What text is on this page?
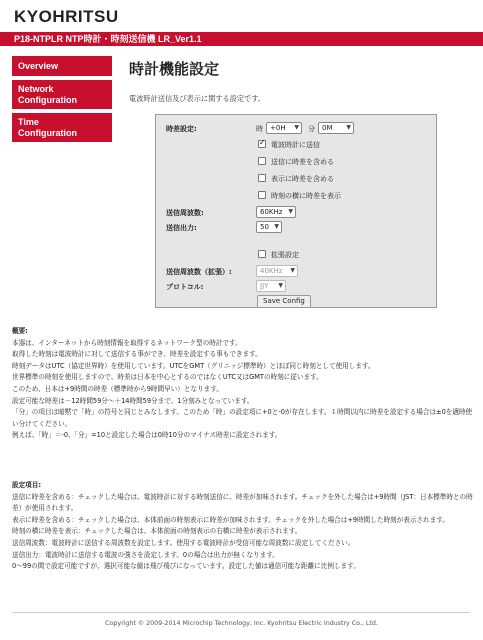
KYOHRITSU
P18-NTPLR NTP時計・時刻送信機 LR_Ver1.1
Overview
Network
Configuration
Time
Configuration
時計機能設定
電波時計送信及び表示に関する設定です。
時差設定:	時	+0H ▼ 分	0M ▼
✓ 電波時計に送信
送信に時差を含める
表示に時差を含める
時刻の横に時差を表示
送信周波数:	60KHz ▼
送信出力:	50 ▼
拡張設定
送信周波数（拡張）:	40KHz ▼
プロトコル:	JJY ▼
Save Config

概要:

本器は、インターネットから時刻情報を取得するネットワーク型の時計です。

取得した時刻は電波時計に対して送信する事ができ、時差を設定する事もできます。

時刻データはUTC（協定世界時）を使用しています。UTCをGMT（グリニッジ標準時）とほぼ同じ時刻として使用します。

世界標準の時刻を使用しますので、時差は日本を中心とするのではなくUTC又はGMTの時刻に従います。

このため、日本は+9時間の時差（標準時から9時間早い）となります。

設定可能な時差は－12時間59分～＋14時間59分まで、1分刻みとなっています。

「分」の項目は暗黙で「時」の符号と同じとみなします。このため「時」の設定項に+0と-0が存在します。１時間以内に時差を設定する場合は±0を適時使い分けてください。

例えば、「時」＝-0、「分」=10と設定した場合は0時10分のマイナス時差に設定されます。

設定項目:

送信に時差を含める：チェックした場合は、電波時計に対する時刻送信に、時差が加味されます。チェックを外した場合は+9時間（JST：日本標準時との時差）が使用されます。

表示に時差を含める：チェックした場合は、本体前面の時刻表示に時差が加味されます。チェックを外した場合は+9時間した時刻が表示されます。

時刻の横に時差を表示：チェックした場合は、本体前面の時刻表示の右横に時差が表示されます。

送信周波数：電波時計に送信する周波数を設定します。使用する電波時計が受信可能な周波数に設定してください。

送信出力：電波時計に送信する電波の強さを設定します。0の場合は出力が無くなります。

0～99の間で設定可能ですが、選択可能な値は飛び飛びになっています。設定した値は通信可能な距離に比例します。

Copyright © 2009-2014 Microchip Technology, Inc. Kyohritsu Electric Industry Co., Ltd.
